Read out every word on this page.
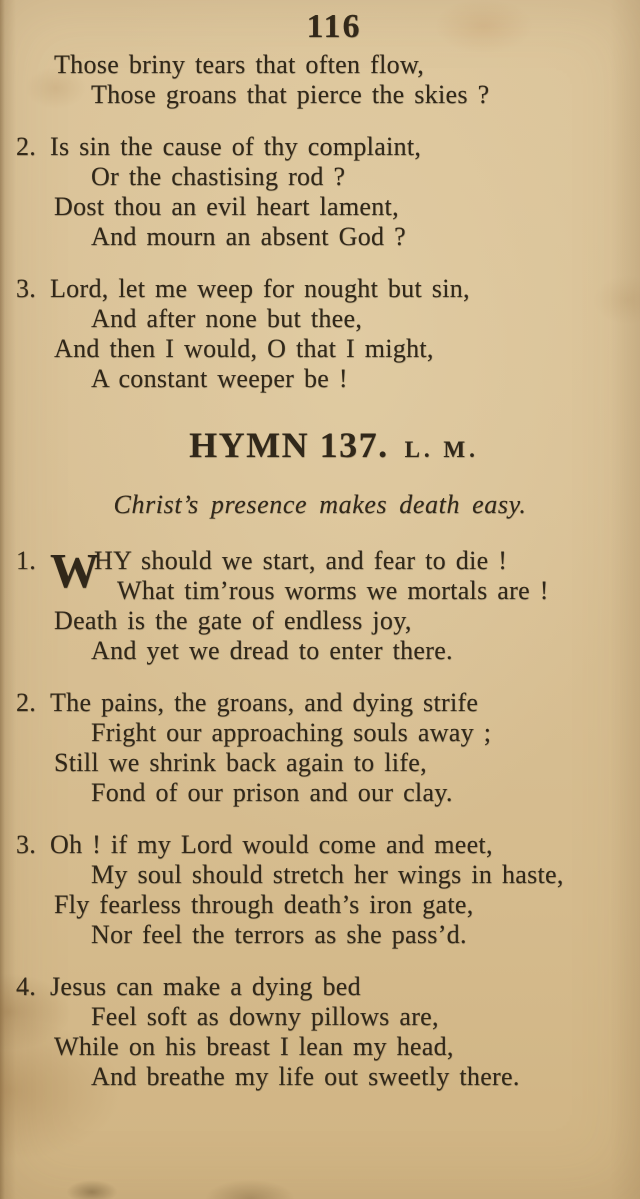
116
Those briny tears that often flow,
Those groans that pierce the skies ?
2. Is sin the cause of thy complaint,
Or the chastising rod ?
Dost thou an evil heart lament,
And mourn an absent God ?
3. Lord, let me weep for nought but sin,
And after none but thee,
And then I would, O that I might,
A constant weeper be !
HYMN 137. L. M.
Christ’s presence makes death easy.
W
1. HY should we start, and fear to die !
What tim’rous worms we mortals are !
Death is the gate of endless joy,
And yet we dread to enter there.
2. The pains, the groans, and dying strife
Fright our approaching souls away ;
Still we shrink back again to life,
Fond of our prison and our clay.
3. Oh ! if my Lord would come and meet,
My soul should stretch her wings in haste,
Fly fearless through death’s iron gate,
Nor feel the terrors as she pass’d.
4. Jesus can make a dying bed
Feel soft as downy pillows are,
While on his breast I lean my head,
And breathe my life out sweetly there.
